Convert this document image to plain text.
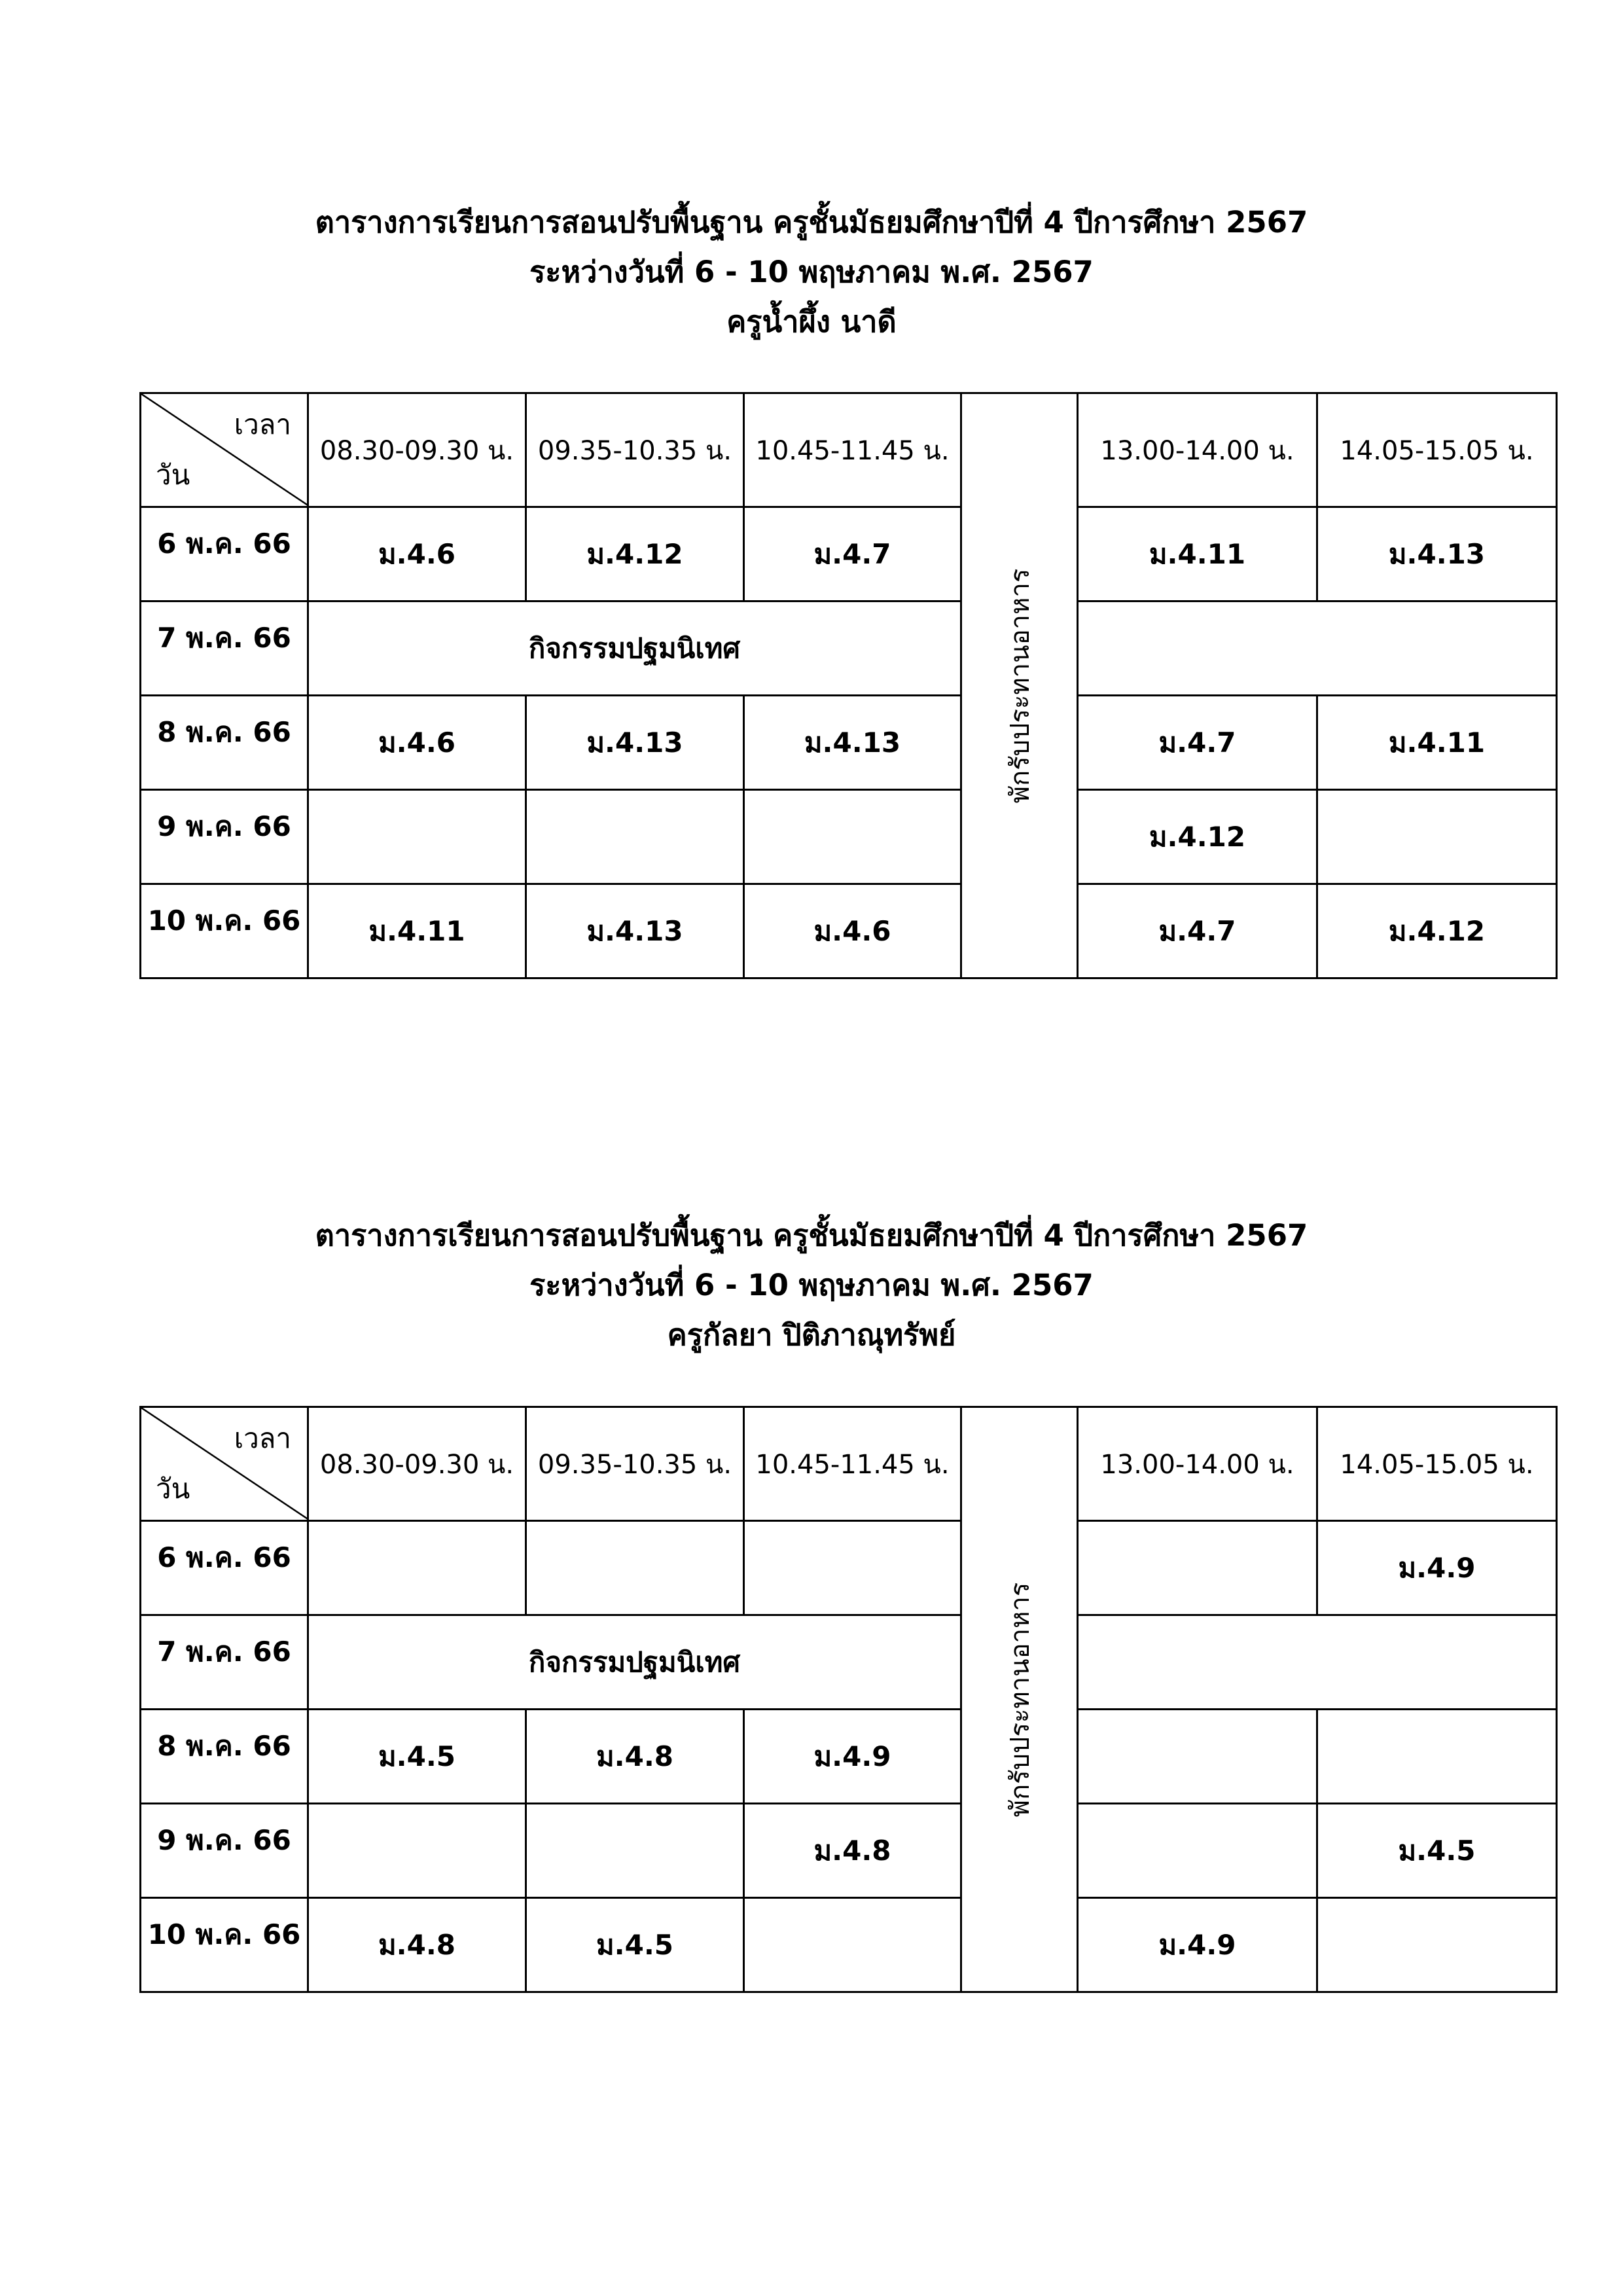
ตารางการเรียนการสอนปรับพื้นฐาน ครูชั้นมัธยมศึกษาปีที่ 4 ปีการศึกษา 2567
ระหว่างวันที่ 6 - 10 พฤษภาคม พ.ศ. 2567
ครูน้ำผึ้ง นาดี
เวลา
วัน	08.30-09.30 น.	09.35-10.35 น.	10.45-11.45 น.	พักรับประทานอาหาร	13.00-14.00 น.	14.05-15.05 น.

6 พ.ค. 66	ม.4.6	ม.4.12	ม.4.7		ม.4.11	ม.4.13

7 พ.ค. 66	กิจกรรมปฐมนิเทศ					

8 พ.ค. 66	ม.4.6	ม.4.13	ม.4.13		ม.4.7	ม.4.11

9 พ.ค. 66					ม.4.12	

10 พ.ค. 66	ม.4.11	ม.4.13	ม.4.6		ม.4.7	ม.4.12
ตารางการเรียนการสอนปรับพื้นฐาน ครูชั้นมัธยมศึกษาปีที่ 4 ปีการศึกษา 2567
ระหว่างวันที่ 6 - 10 พฤษภาคม พ.ศ. 2567
ครูกัลยา ปิติภาณุทรัพย์
เวลา
วัน	08.30-09.30 น.	09.35-10.35 น.	10.45-11.45 น.	พักรับประทานอาหาร	13.00-14.00 น.	14.05-15.05 น.

6 พ.ค. 66						ม.4.9

7 พ.ค. 66	กิจกรรมปฐมนิเทศ					

8 พ.ค. 66	ม.4.5	ม.4.8	ม.4.9			

9 พ.ค. 66			ม.4.8			ม.4.5

10 พ.ค. 66	ม.4.8	ม.4.5			ม.4.9	
